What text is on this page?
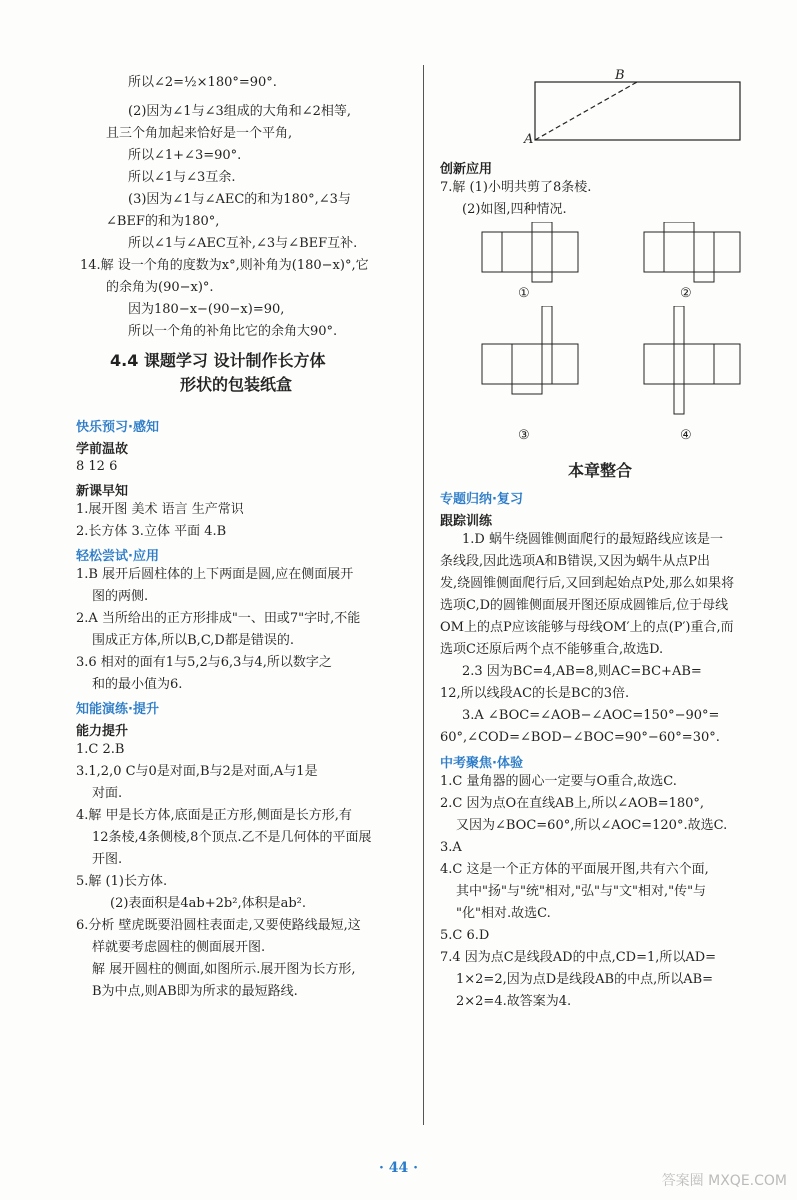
所以∠2=½×180°=90°.
(2)因为∠1与∠3组成的大角和∠2相等,
且三个角加起来恰好是一个平角,
所以∠1+∠3=90°.
所以∠1与∠3互余.
(3)因为∠1与∠AEC的和为180°,∠3与
∠BEF的和为180°,
所以∠1与∠AEC互补,∠3与∠BEF互补.
14.解 设一个角的度数为x°,则补角为(180−x)°,它
的余角为(90−x)°.
因为180−x−(90−x)=90,
所以一个角的补角比它的余角大90°.
4.4 课题学习 设计制作长方体
形状的包装纸盒
快乐预习·感知
学前温故
8 12 6
新课早知
1.展开图 美术 语言 生产常识
2.长方体 3.立体 平面 4.B
轻松尝试·应用
1.B 展开后圆柱体的上下两面是圆,应在侧面展开
图的两侧.
2.A 当所给出的正方形排成"一、田或7"字时,不能
围成正方体,所以B,C,D都是错误的.
3.6 相对的面有1与5,2与6,3与4,所以数字之
和的最小值为6.
知能演练·提升
能力提升
1.C 2.B
3.1,2,0 C与0是对面,B与2是对面,A与1是
对面.
4.解 甲是长方体,底面是正方形,侧面是长方形,有
12条棱,4条侧棱,8个顶点.乙不是几何体的平面展
开图.
5.解 (1)长方体.
(2)表面积是4ab+2b²,体积是ab².
6.分析 壁虎既要沿圆柱表面走,又要使路线最短,这
样就要考虑圆柱的侧面展开图.
解 展开圆柱的侧面,如图所示.展开图为长方形,
B为中点,则AB即为所求的最短路线.
B
A
创新应用
7.解 (1)小明共剪了8条棱.
(2)如图,四种情况.
①	②
③	④
本章整合
专题归纳·复习
跟踪训练
1.D 蜗牛绕圆锥侧面爬行的最短路线应该是一
条线段,因此选项A和B错误,又因为蜗牛从点P出
发,绕圆锥侧面爬行后,又回到起始点P处,那么如果将
选项C,D的圆锥侧面展开图还原成圆锥后,位于母线
OM上的点P应该能够与母线OM′上的点(P′)重合,而
选项C还原后两个点不能够重合,故选D.
2.3 因为BC=4,AB=8,则AC=BC+AB=
12,所以线段AC的长是BC的3倍.
3.A ∠BOC=∠AOB−∠AOC=150°−90°=
60°,∠COD=∠BOD−∠BOC=90°−60°=30°.
中考聚焦·体验
1.C 量角器的圆心一定要与O重合,故选C.
2.C 因为点O在直线AB上,所以∠AOB=180°,
又因为∠BOC=60°,所以∠AOC=120°.故选C.
3.A
4.C 这是一个正方体的平面展开图,共有六个面,
其中"扬"与"统"相对,"弘"与"文"相对,"传"与
"化"相对.故选C.
5.C 6.D
7.4 因为点C是线段AD的中点,CD=1,所以AD=
1×2=2,因为点D是线段AB的中点,所以AB=
2×2=4.故答案为4.
· 44 ·
答案圈 MXQE.COM
